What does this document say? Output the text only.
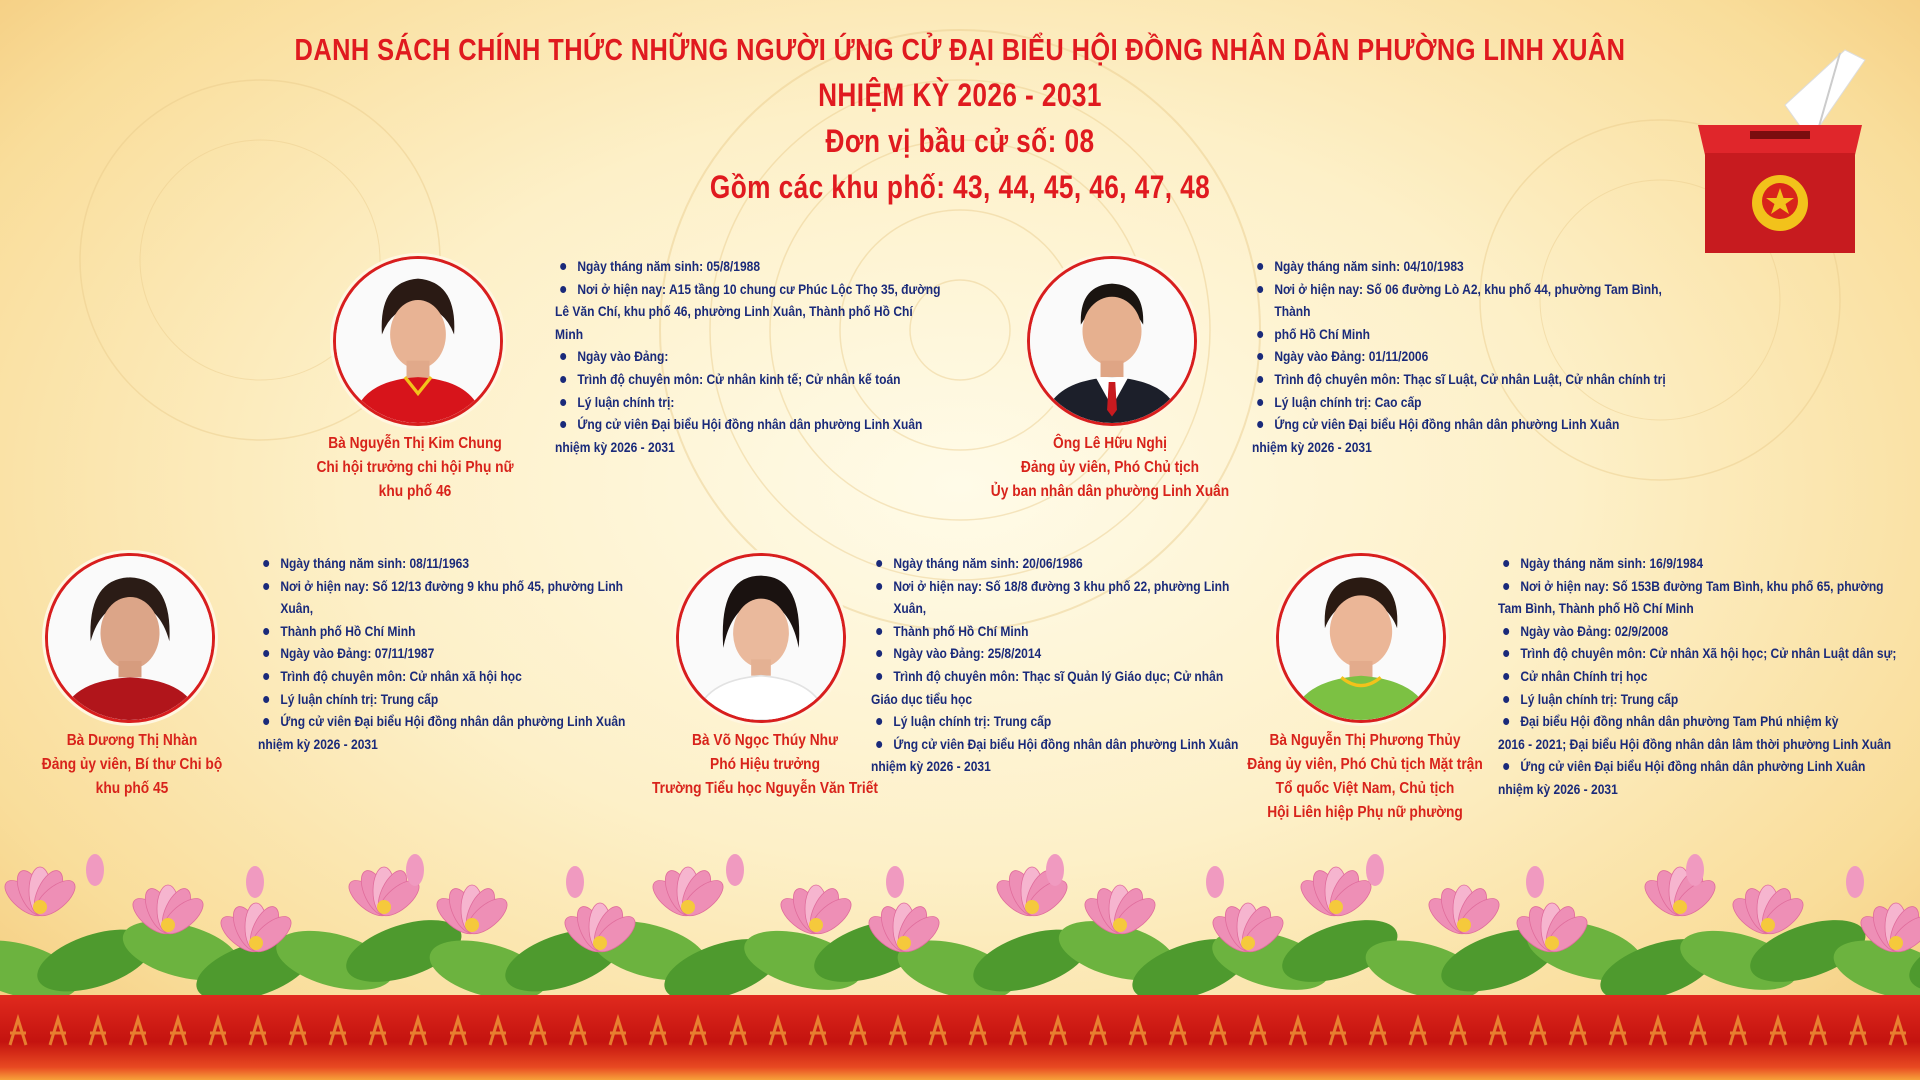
DANH SÁCH CHÍNH THỨC NHỮNG NGƯỜI ỨNG CỬ ĐẠI BIỂU HỘI ĐỒNG NHÂN DÂN PHƯỜNG LINH XUÂN
NHIỆM KỲ 2026 - 2031
Đơn vị bầu cử số: 08
Gồm các khu phố: 43, 44, 45, 46, 47, 48
Bà Nguyễn Thị Kim Chung
Chi hội trưởng chi hội Phụ nữ
khu phố 46
Ngày tháng năm sinh: 05/8/1988
Nơi ở hiện nay: A15 tầng 10 chung cư Phúc Lộc Thọ 35, đường
Lê Văn Chí, khu phố 46, phường Linh Xuân, Thành phố Hồ Chí Minh
Ngày vào Đảng:
Trình độ chuyên môn: Cử nhân kinh tế; Cử nhân kế toán
Lý luận chính trị:
Ứng cử viên Đại biểu Hội đồng nhân dân phường Linh Xuân
nhiệm kỳ 2026 - 2031	Ông Lê Hữu Nghị
Đảng ủy viên, Phó Chủ tịch
Ủy ban nhân dân phường Linh Xuân
Ngày tháng năm sinh: 04/10/1983
Nơi ở hiện nay: Số 06 đường Lò A2, khu phố 44, phường Tam Bình, Thành
phố Hồ Chí Minh
Ngày vào Đảng: 01/11/2006
Trình độ chuyên môn: Thạc sĩ Luật, Cử nhân Luật, Cử nhân chính trị
Lý luận chính trị: Cao cấp
Ứng cử viên Đại biểu Hội đồng nhân dân phường Linh Xuân
nhiệm kỳ 2026 - 2031
Bà Dương Thị Nhàn
Đảng ủy viên, Bí thư Chi bộ
khu phố 45
Ngày tháng năm sinh: 08/11/1963
Nơi ở hiện nay: Số 12/13 đường 9 khu phố 45, phường Linh Xuân,
Thành phố Hồ Chí Minh
Ngày vào Đảng: 07/11/1987
Trình độ chuyên môn: Cử nhân xã hội học
Lý luận chính trị: Trung cấp
Ứng cử viên Đại biểu Hội đồng nhân dân phường Linh Xuân
nhiệm kỳ 2026 - 2031	Bà Võ Ngọc Thúy Như
Phó Hiệu trưởng
Trường Tiểu học Nguyễn Văn Triết
Ngày tháng năm sinh: 20/06/1986
Nơi ở hiện nay: Số 18/8 đường 3 khu phố 22, phường Linh Xuân,
Thành phố Hồ Chí Minh
Ngày vào Đảng: 25/8/2014
Trình độ chuyên môn: Thạc sĩ Quản lý Giáo dục; Cử nhân
Giáo dục tiểu học
Lý luận chính trị: Trung cấp
Ứng cử viên Đại biểu Hội đồng nhân dân phường Linh Xuân
nhiệm kỳ 2026 - 2031
Bà Nguyễn Thị Phương Thủy
Đảng ủy viên, Phó Chủ tịch Mặt trận
Tổ quốc Việt Nam, Chủ tịch
Hội Liên hiệp Phụ nữ phường
Ngày tháng năm sinh: 16/9/1984
Nơi ở hiện nay: Số 153B đường Tam Bình, khu phố 65, phường
Tam Bình, Thành phố Hồ Chí Minh
Ngày vào Đảng: 02/9/2008
Trình độ chuyên môn: Cử nhân Xã hội học; Cử nhân Luật dân sự;
Cử nhân Chính trị học
Lý luận chính trị: Trung cấp
Đại biểu Hội đồng nhân dân phường Tam Phú nhiệm kỳ
2016 - 2021; Đại biểu Hội đồng nhân dân lâm thời phường Linh Xuân
Ứng cử viên Đại biểu Hội đồng nhân dân phường Linh Xuân
nhiệm kỳ 2026 - 2031
